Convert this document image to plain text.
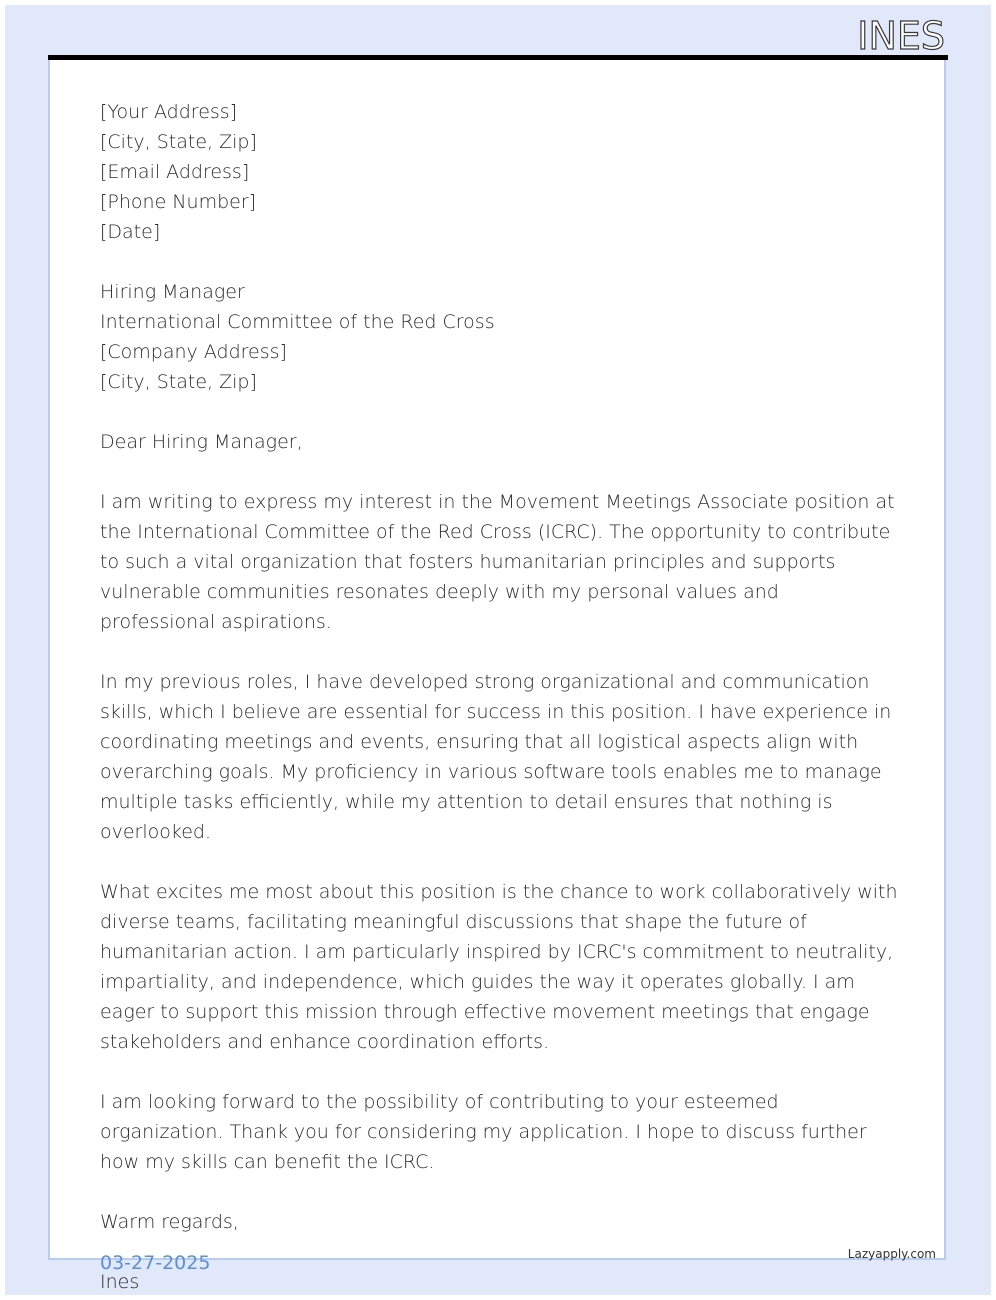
INES
[Your Address]
[City, State, Zip]
[Email Address]
[Phone Number]
[Date]
Hiring Manager
International Committee of the Red Cross
[Company Address]
[City, State, Zip]
Dear Hiring Manager,

I am writing to express my interest in the Movement Meetings Associate position at the International Committee of the Red Cross (ICRC). The opportunity to contribute to such a vital organization that fosters humanitarian principles and supports vulnerable communities resonates deeply with my personal values and professional aspirations.

In my previous roles, I have developed strong organizational and communication skills, which I believe are essential for success in this position. I have experience in coordinating meetings and events, ensuring that all logistical aspects align with overarching goals. My proficiency in various software tools enables me to manage multiple tasks efficiently, while my attention to detail ensures that nothing is overlooked.

What excites me most about this position is the chance to work collaboratively with diverse teams, facilitating meaningful discussions that shape the future of humanitarian action. I am particularly inspired by ICRC's commitment to neutrality, impartiality, and independence, which guides the way it operates globally. I am eager to support this mission through effective movement meetings that engage stakeholders and enhance coordination efforts.

I am looking forward to the possibility of contributing to your esteemed organization. Thank you for considering my application. I hope to discuss further how my skills can benefit the ICRC.

Warm regards,
Ines
03-27-2025	Lazyapply.com
